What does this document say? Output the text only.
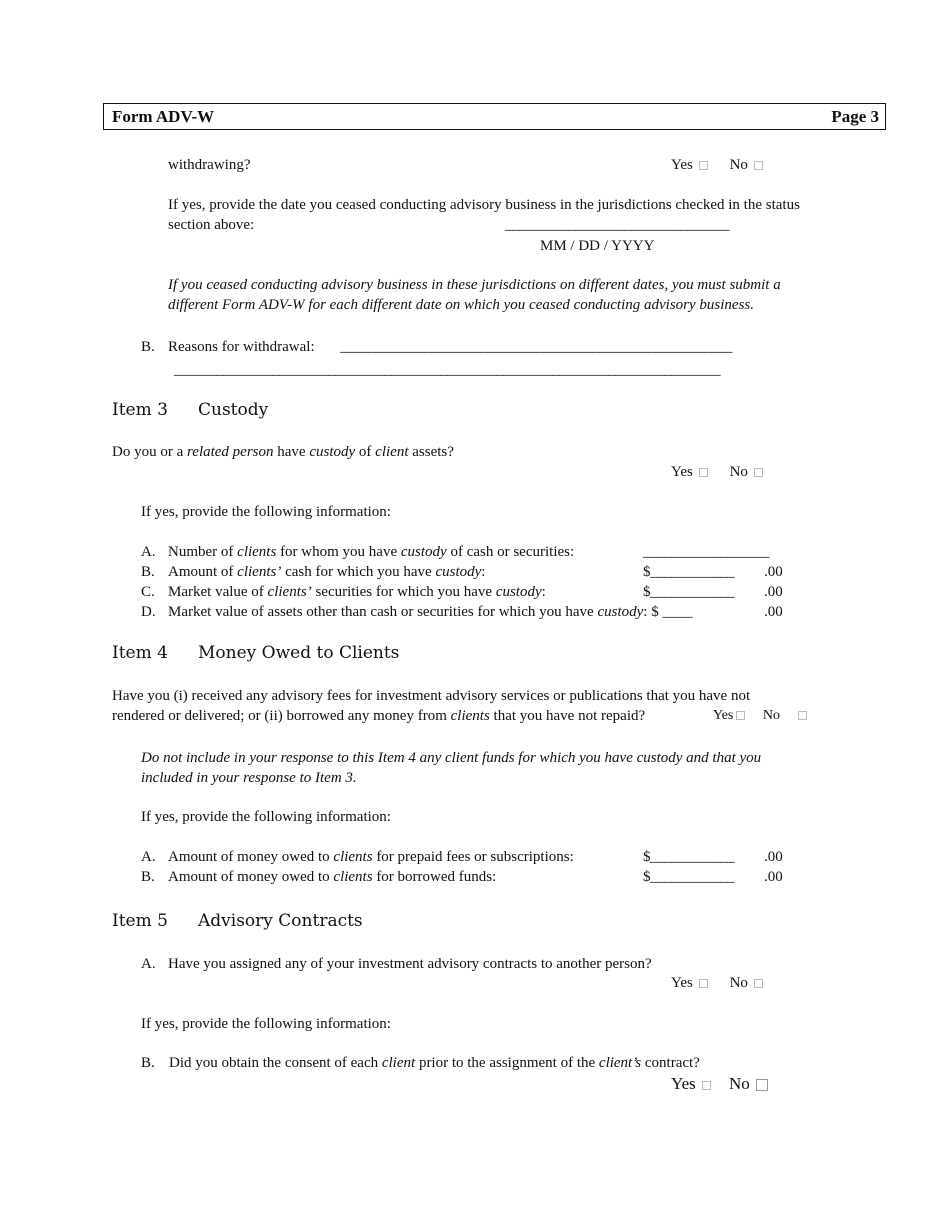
Form ADV-W	Page 3
withdrawing?	Yes No
If yes, provide the date you ceased conducting advisory business in the jurisdictions checked in the status
section above:	________________________________
MM / DD / YYYY
If you ceased conducting advisory business in these jurisdictions on different dates, you must submit a
different Form ADV-W for each different date on which you ceased conducting advisory business.
B. Reasons for withdrawal: ________________________________________________________
______________________________________________________________________________
Item 3 Custody
Do you or a related person have custody of client assets?
Yes No
If yes, provide the following information:
A. Number of clients for whom you have custody of cash or securities:	__________________
B. Amount of clients’ cash for which you have custody:	$____________ .00
C. Market value of clients’ securities for which you have custody:	$____________ .00
D. Market value of assets other than cash or securities for which you have custody: $ ____	.00
Item 4 Money Owed to Clients
Have you (i) received any advisory fees for investment advisory services or publications that you have not
rendered or delivered; or (ii) borrowed any money from clients that you have not repaid?	Yes No
Do not include in your response to this Item 4 any client funds for which you have custody and that you
included in your response to Item 3.
If yes, provide the following information:
A. Amount of money owed to clients for prepaid fees or subscriptions:	$____________ .00
B. Amount of money owed to clients for borrowed funds:	$____________ .00
Item 5 Advisory Contracts
A. Have you assigned any of your investment advisory contracts to another person?
Yes No
If yes, provide the following information:
B. Did you obtain the consent of each client prior to the assignment of the client’s contract?
Yes No
